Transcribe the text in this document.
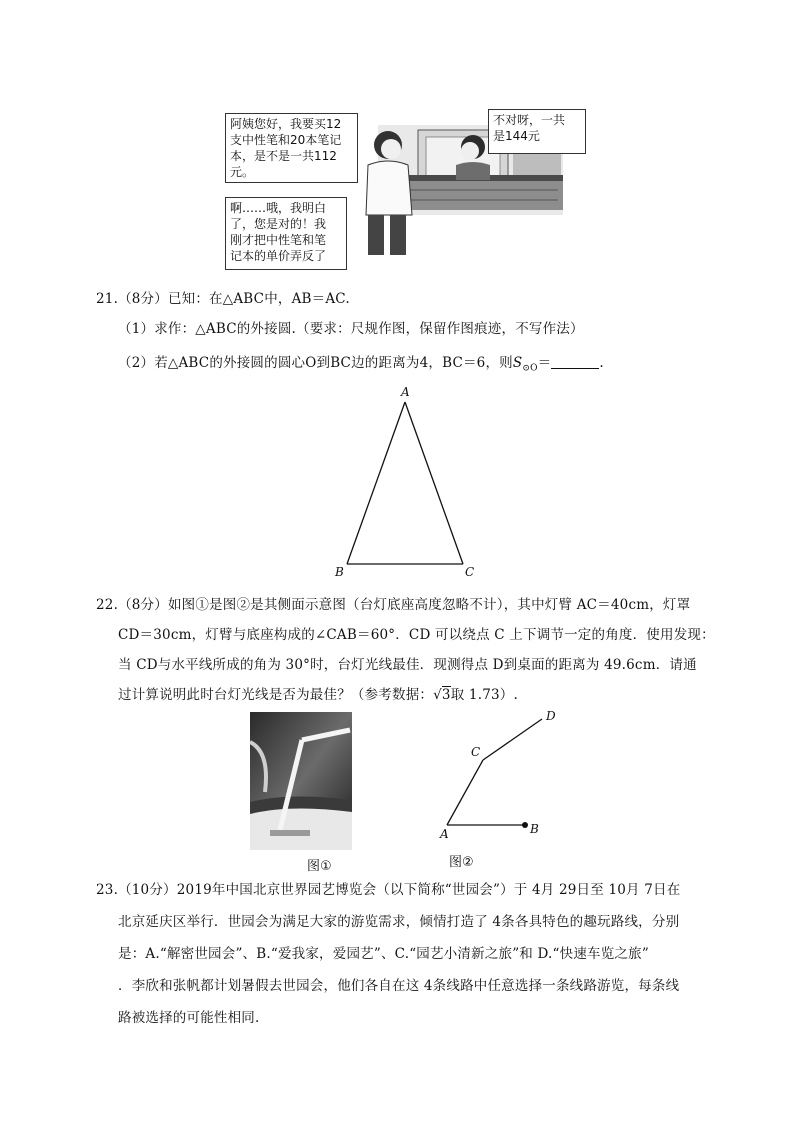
阿姨您好，我要买12
支中性笔和20本笔记
本，是不是一共112
元。
不对呀，一共
是144元
啊……哦，我明白
了，您是对的！我
刚才把中性笔和笔
记本的单价弄反了
21.（8分）已知：在△ABC中，AB＝AC.
（1）求作：△ABC的外接圆.（要求：尺规作图，保留作图痕迹，不写作法）
（2）若△ABC的外接圆的圆心O到BC边的距离为4，BC＝6，则$S_{⊙O}=$	.
A
B	C
22.（8分）如图①是图②是其侧面示意图（台灯底座高度忽略不计），其中灯臂 AC＝40cm，灯罩
CD＝30cm，灯臂与底座构成的∠CAB＝60°．CD 可以绕点 C 上下调节一定的角度．使用发现：
当 CD与水平线所成的角为 30°时，台灯光线最佳．现测得点 D到桌面的距离为 49.6cm．请通
过计算说明此时台灯光线是否为最佳？（参考数据：√3取 1.73）.
图①
A	B
C
D
图②
23.（10分）2019年中国北京世界园艺博览会（以下简称“世园会”）于 4月 29日至 10月 7日在
北京延庆区举行．世园会为满足大家的游览需求，倾情打造了 4条各具特色的趣玩路线，分别
是：A.“解密世园会”、B.“爱我家，爱园艺”、C.“园艺小清新之旅”和 D.“快速车览之旅”
．李欣和张帆都计划暑假去世园会，他们各自在这 4条线路中任意选择一条线路游览，每条线
路被选择的可能性相同.
